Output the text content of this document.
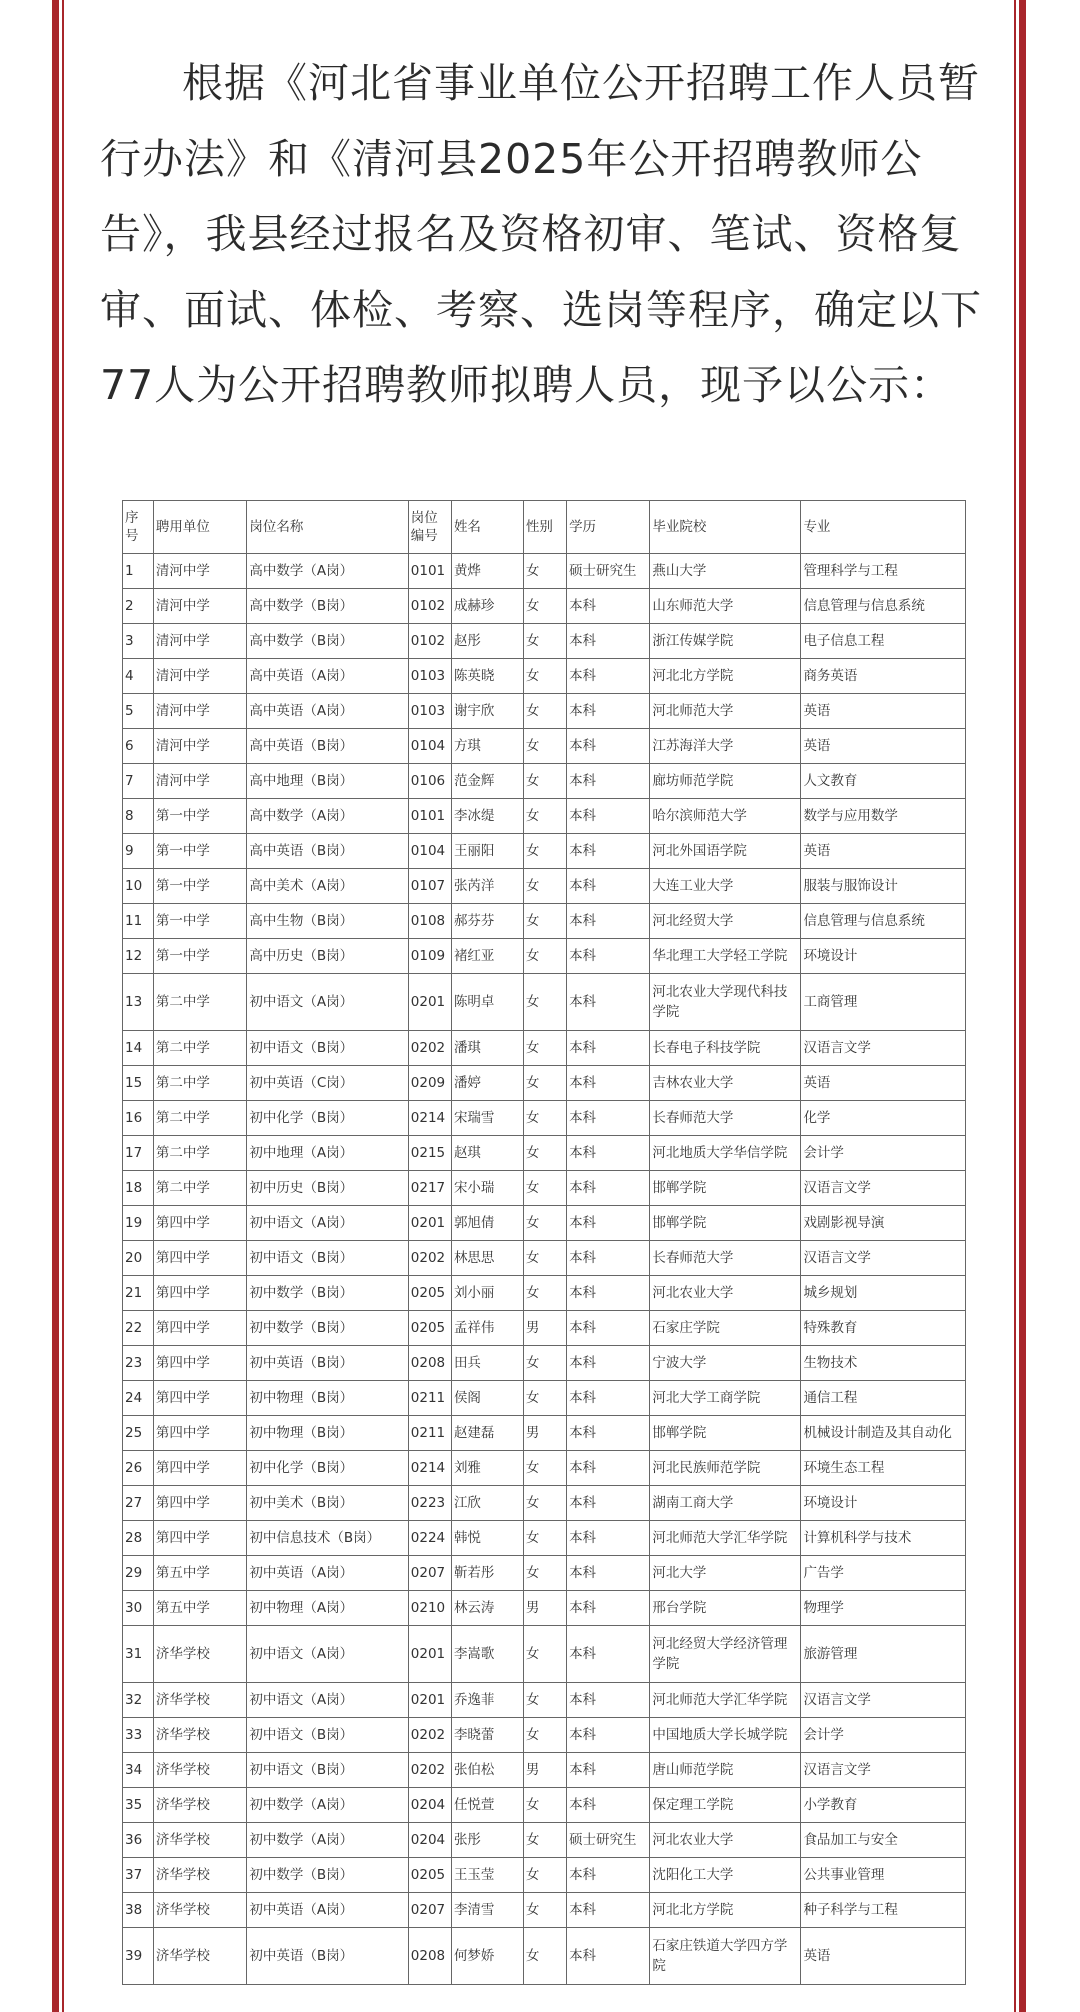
根据《河北省事业单位公开招聘工作人员暂行办法》和《清河县2025年公开招聘教师公告》，我县经过报名及资格初审、笔试、资格复审、面试、体检、考察、选岗等程序，确定以下77人为公开招聘教师拟聘人员，现予以公示：

序号	聘用单位	岗位名称	岗位编号	姓名	性别	学历	毕业院校	专业
1	清河中学	高中数学（A岗）	0101	黄烨	女	硕士研究生	燕山大学	管理科学与工程
2	清河中学	高中数学（B岗）	0102	成赫珍	女	本科	山东师范大学	信息管理与信息系统
3	清河中学	高中数学（B岗）	0102	赵彤	女	本科	浙江传媒学院	电子信息工程
4	清河中学	高中英语（A岗）	0103	陈英晓	女	本科	河北北方学院	商务英语
5	清河中学	高中英语（A岗）	0103	谢宇欣	女	本科	河北师范大学	英语
6	清河中学	高中英语（B岗）	0104	方琪	女	本科	江苏海洋大学	英语
7	清河中学	高中地理（B岗）	0106	范金辉	女	本科	廊坊师范学院	人文教育
8	第一中学	高中数学（A岗）	0101	李冰缇	女	本科	哈尔滨师范大学	数学与应用数学
9	第一中学	高中英语（B岗）	0104	王丽阳	女	本科	河北外国语学院	英语
10	第一中学	高中美术（A岗）	0107	张芮洋	女	本科	大连工业大学	服装与服饰设计
11	第一中学	高中生物（B岗）	0108	郝芬芬	女	本科	河北经贸大学	信息管理与信息系统
12	第一中学	高中历史（B岗）	0109	褚红亚	女	本科	华北理工大学轻工学院	环境设计
13	第二中学	初中语文（A岗）	0201	陈明卓	女	本科	河北农业大学现代科技学院	工商管理
14	第二中学	初中语文（B岗）	0202	潘琪	女	本科	长春电子科技学院	汉语言文学
15	第二中学	初中英语（C岗）	0209	潘婷	女	本科	吉林农业大学	英语
16	第二中学	初中化学（B岗）	0214	宋瑞雪	女	本科	长春师范大学	化学
17	第二中学	初中地理（A岗）	0215	赵琪	女	本科	河北地质大学华信学院	会计学
18	第二中学	初中历史（B岗）	0217	宋小瑞	女	本科	邯郸学院	汉语言文学
19	第四中学	初中语文（A岗）	0201	郭旭倩	女	本科	邯郸学院	戏剧影视导演
20	第四中学	初中语文（B岗）	0202	林思思	女	本科	长春师范大学	汉语言文学
21	第四中学	初中数学（B岗）	0205	刘小丽	女	本科	河北农业大学	城乡规划
22	第四中学	初中数学（B岗）	0205	孟祥伟	男	本科	石家庄学院	特殊教育
23	第四中学	初中英语（B岗）	0208	田兵	女	本科	宁波大学	生物技术
24	第四中学	初中物理（B岗）	0211	侯阁	女	本科	河北大学工商学院	通信工程
25	第四中学	初中物理（B岗）	0211	赵建磊	男	本科	邯郸学院	机械设计制造及其自动化
26	第四中学	初中化学（B岗）	0214	刘雅	女	本科	河北民族师范学院	环境生态工程
27	第四中学	初中美术（B岗）	0223	江欣	女	本科	湖南工商大学	环境设计
28	第四中学	初中信息技术（B岗）	0224	韩悦	女	本科	河北师范大学汇华学院	计算机科学与技术
29	第五中学	初中英语（A岗）	0207	靳若彤	女	本科	河北大学	广告学
30	第五中学	初中物理（A岗）	0210	林云涛	男	本科	邢台学院	物理学
31	济华学校	初中语文（A岗）	0201	李嵩歌	女	本科	河北经贸大学经济管理学院	旅游管理
32	济华学校	初中语文（A岗）	0201	乔逸菲	女	本科	河北师范大学汇华学院	汉语言文学
33	济华学校	初中语文（B岗）	0202	李晓蕾	女	本科	中国地质大学长城学院	会计学
34	济华学校	初中语文（B岗）	0202	张伯松	男	本科	唐山师范学院	汉语言文学
35	济华学校	初中数学（A岗）	0204	任悦萱	女	本科	保定理工学院	小学教育
36	济华学校	初中数学（A岗）	0204	张彤	女	硕士研究生	河北农业大学	食品加工与安全
37	济华学校	初中数学（B岗）	0205	王玉莹	女	本科	沈阳化工大学	公共事业管理
38	济华学校	初中英语（A岗）	0207	李清雪	女	本科	河北北方学院	种子科学与工程
39	济华学校	初中英语（B岗）	0208	何梦娇	女	本科	石家庄铁道大学四方学院	英语
